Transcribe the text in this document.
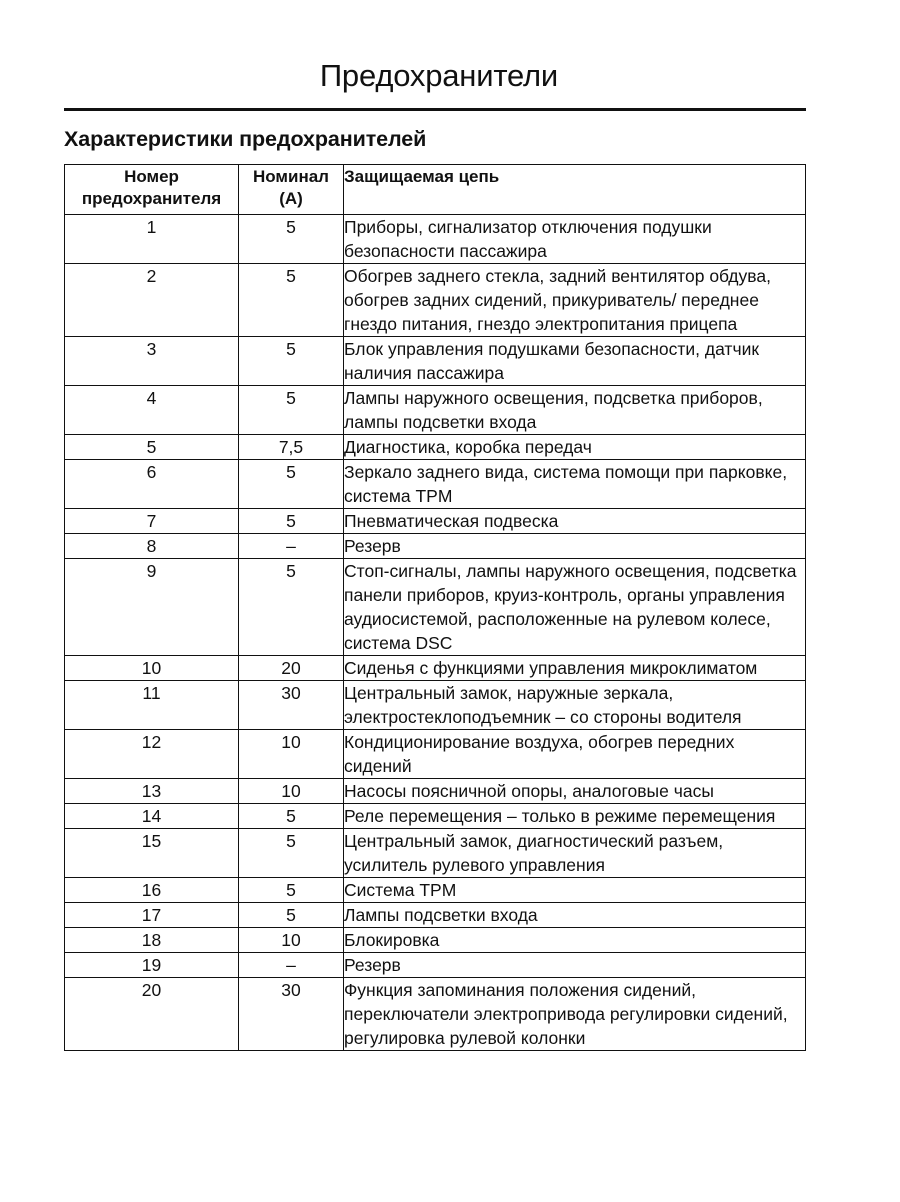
Предохранители
Характеристики предохранителей
Номер предохранителя	Номинал (А)	Защищаемая цепь
1	5	Приборы, сигнализатор отключения подушки безопасности пассажира
2	5	Обогрев заднего стекла, задний вентилятор обдува, обогрев задних сидений, прикуриватель/ переднее гнездо питания, гнездо электропитания прицепа
3	5	Блок управления подушками безопасности, датчик наличия пассажира
4	5	Лампы наружного освещения, подсветка приборов, лампы подсветки входа
5	7,5	Диагностика, коробка передач
6	5	Зеркало заднего вида, система помощи при парковке, система TPM
7	5	Пневматическая подвеска
8	–	Резерв
9	5	Стоп-сигналы, лампы наружного освещения, подсветка панели приборов, круиз-контроль, органы управления аудиосистемой, расположенные на рулевом колесе, система DSC
10	20	Сиденья с функциями управления микроклиматом
11	30	Центральный замок, наружные зеркала, электростеклоподъемник – со стороны водителя
12	10	Кондиционирование воздуха, обогрев передних сидений
13	10	Насосы поясничной опоры, аналоговые часы
14	5	Реле перемещения – только в режиме перемещения
15	5	Центральный замок, диагностический разъем, усилитель рулевого управления
16	5	Система TPM
17	5	Лампы подсветки входа
18	10	Блокировка
19	–	Резерв
20	30	Функция запоминания положения сидений, переключатели электропривода регулировки сидений, регулировка рулевой колонки
